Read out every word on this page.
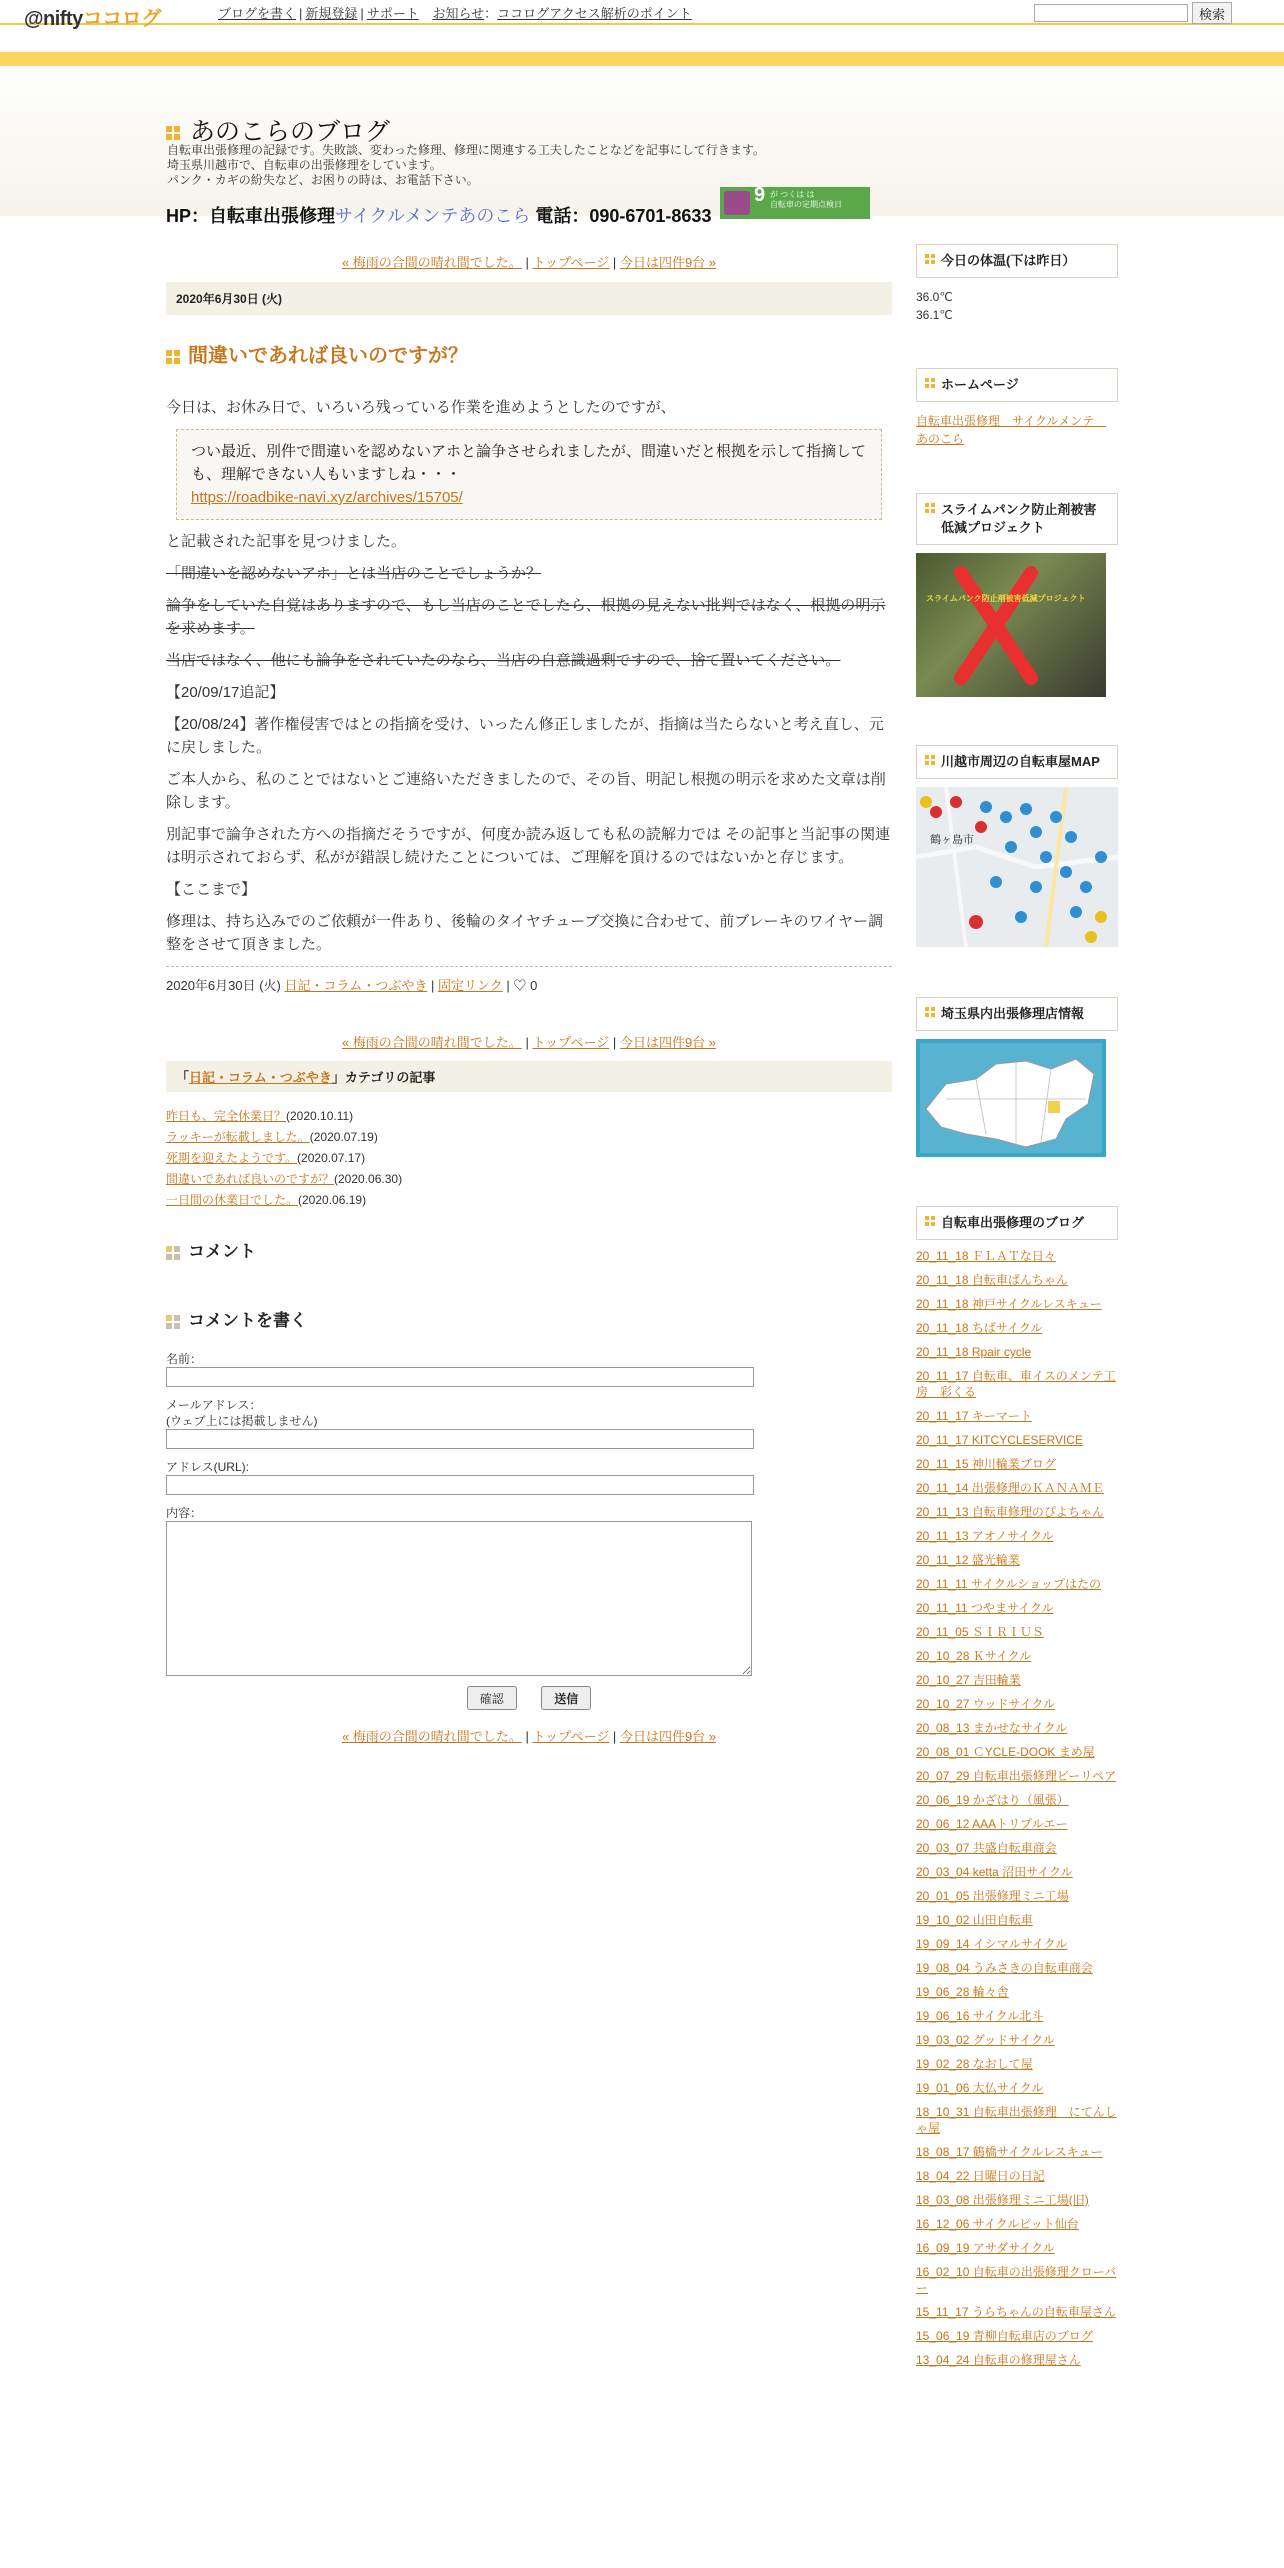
@niftyココログ	ブログを書く | 新規登録 | サポート お知らせ：ココログアクセス解析のポイント	検索
あのこらのブログ
自転車出張修理の記録です。失敗談、変わった修理、修理に関連する工夫したことなどを記事にして行きます。
埼玉県川越市で、自転車の出張修理をしています。
パンク・カギの紛失など、お困りの時は、お電話下さい。
HP：自転車出張修理サイクルメンテあのこら 電話：090-6701-8633
9 が つくは は
自転車の定期点検日
« 梅雨の合間の晴れ間でした。 | トップページ | 今日は四件9台 »
2020年6月30日 (火)
間違いであれば良いのですが？

今日は、お休み日で、いろいろ残っている作業を進めようとしたのですが、

つい最近、別件で間違いを認めないアホと論争させられましたが、間違いだと根拠を示して指摘しても、理解できない人もいますしね・・・
https://roadbike-navi.xyz/archives/15705/

と記載された記事を見つけました。

「間違いを認めないアホ」とは当店のことでしょうか？

論争をしていた自覚はありますので、もし当店のことでしたら、根拠の見えない批判ではなく、根拠の明示を求めます。

当店ではなく、他にも論争をされていたのなら、当店の自意識過剰ですので、捨て置いてください。

【20/09/17追記】

【20/08/24】著作権侵害ではとの指摘を受け、いったん修正しましたが、指摘は当たらないと考え直し、元に戻しました。

ご本人から、私のことではないとご連絡いただきましたので、その旨、明記し根拠の明示を求めた文章は削除します。

別記事で論争された方への指摘だそうですが、何度か読み返しても私の読解力では その記事と当記事の関連は明示されておらず、私がが錯誤し続けたことについては、ご理解を頂けるのではないかと存じます。

【ここまで】

修理は、持ち込みでのご依頼が一件あり、後輪のタイヤチューブ交換に合わせて、前ブレーキのワイヤー調整をさせて頂きました。

2020年6月30日 (火) 日記・コラム・つぶやき | 固定リンク | ♡ 0
« 梅雨の合間の晴れ間でした。 | トップページ | 今日は四件9台 »
「日記・コラム・つぶやき」カテゴリの記事
昨日も、完全休業日？(2020.10.11)
ラッキーが転載しました。(2020.07.19)
死期を迎えたようです。(2020.07.17)
間違いであれば良いのですが？(2020.06.30)
一日間の休業日でした。(2020.06.19)
コメント
コメントを書く
名前：
メールアドレス：
(ウェブ上には掲載しません)
アドレス(URL):
内容：
確認	送信
« 梅雨の合間の晴れ間でした。 | トップページ | 今日は四件9台 »
今日の体温(下は昨日）
36.0℃
36.1℃
ホームページ
自転車出張修理　サイクルメンテ　あのこら
スライムパンク防止剤被害低減プロジェクト
スライムパンク防止剤被害低減プロジェクト
川越市周辺の自転車屋MAP
鶴ヶ島市
埼玉県内出張修理店情報
自転車出張修理のブログ
20_11_18 ＦＬＡＴな日々
20_11_18 自転車ぱんちゃん
20_11_18 神戸サイクルレスキュー
20_11_18 ちばサイクル
20_11_18 Rpair cycle
20_11_17 自転車、車イスのメンテ工房　彩くる
20_11_17 キーマート
20_11_17 KITCYCLESERVICE
20_11_15 神川輪業ブログ
20_11_14 出張修理のＫＡＮＡＭＥ
20_11_13 自転車修理のぴよちゃん
20_11_13 アオノサイクル
20_11_12 盛光輪業
20_11_11 サイクルショップはたの
20_11_11 つやまサイクル
20_11_05 ＳＩＲＩＵＳ
20_10_28 Ｋサイクル
20_10_27 吉田輪業
20_10_27 ウッドサイクル
20_08_13 まかせなサイクル
20_08_01 ＣYCLE-DOOK まめ屋
20_07_29 自転車出張修理ビーリペア
20_06_19 かざはり（風張）
20_06_12 AAAトリプルエー
20_03_07 共盛自転車商会
20_03_04 ketta 沼田サイクル
20_01_05 出張修理ミニ工場
19_10_02 山田自転車
19_09_14 イシマルサイクル
19_08_04 うみさきの自転車商会
19_06_28 輪々舎
19_06_16 サイクル北斗
19_03_02 グッドサイクル
19_02_28 なおして屋
19_01_06 大仏サイクル
18_10_31 自転車出張修理　にてんしゃ屋
18_08_17 鶴橋サイクルレスキュー
18_04_22 日曜日の日記
18_03_08 出張修理ミニ工場(旧)
16_12_06 サイクルピット仙台
16_09_19 アサダサイクル
16_02_10 自転車の出張修理クローバー
15_11_17 うらちゃんの自転車屋さん
15_06_19 青柳自転車店のブログ
13_04_24 自転車の修理屋さん
